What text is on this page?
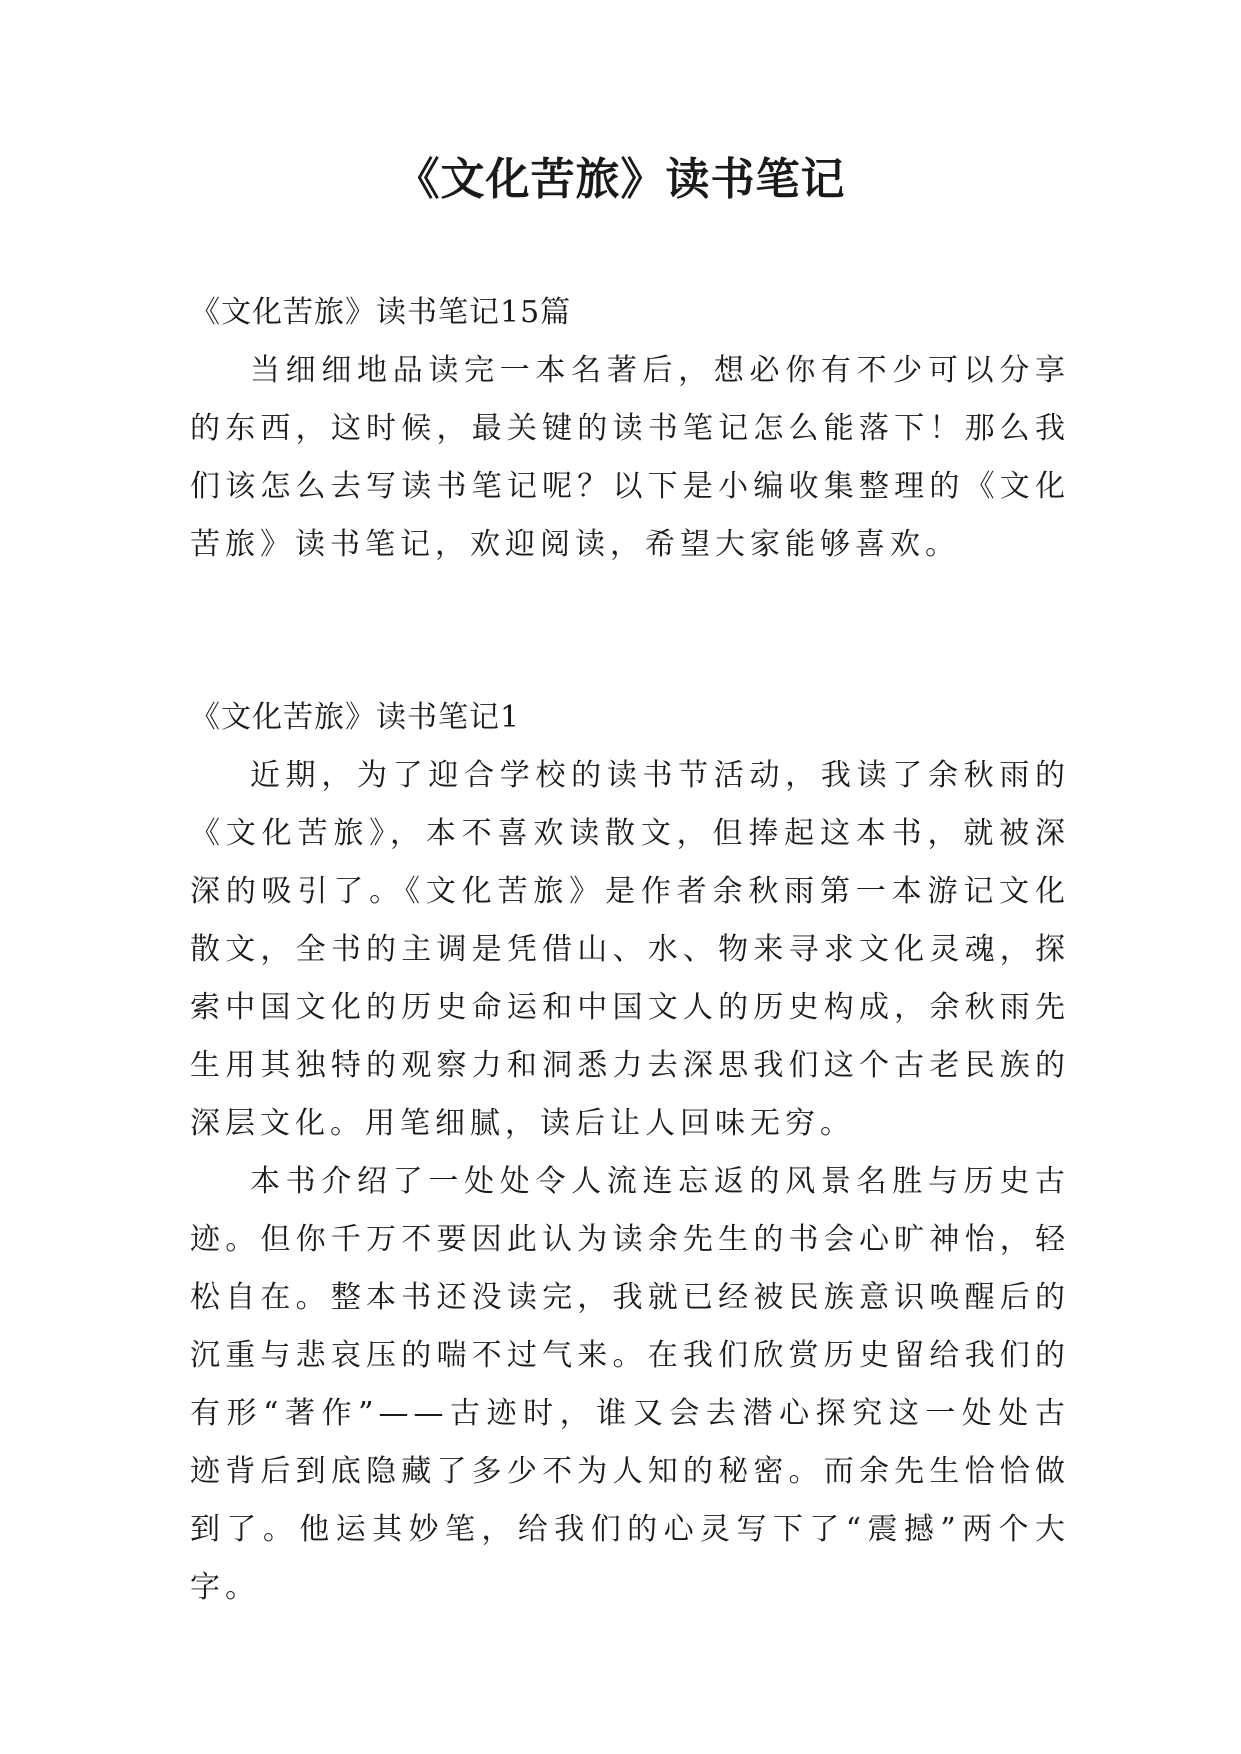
《文化苦旅》读书笔记

《文化苦旅》读书笔记15篇

当细细地品读完一本名著后，想必你有不少可以分享的东西，这时候，最关键的读书笔记怎么能落下！那么我们该怎么去写读书笔记呢？以下是小编收集整理的《文化苦旅》读书笔记，欢迎阅读，希望大家能够喜欢。

《文化苦旅》读书笔记1

近期，为了迎合学校的读书节活动，我读了余秋雨的《文化苦旅》，本不喜欢读散文，但捧起这本书，就被深深的吸引了。《文化苦旅》是作者余秋雨第一本游记文化散文，全书的主调是凭借山、水、物来寻求文化灵魂，探索中国文化的历史命运和中国文人的历史构成，余秋雨先生用其独特的观察力和洞悉力去深思我们这个古老民族的深层文化。用笔细腻，读后让人回味无穷。

本书介绍了一处处令人流连忘返的风景名胜与历史古迹。但你千万不要因此认为读余先生的书会心旷神怡，轻松自在。整本书还没读完，我就已经被民族意识唤醒后的沉重与悲哀压的喘不过气来。在我们欣赏历史留给我们的有形“著作”——古迹时，谁又会去潜心探究这一处处古迹背后到底隐藏了多少不为人知的秘密。而余先生恰恰做到了。他运其妙笔，给我们的心灵写下了“震撼”两个大字。
